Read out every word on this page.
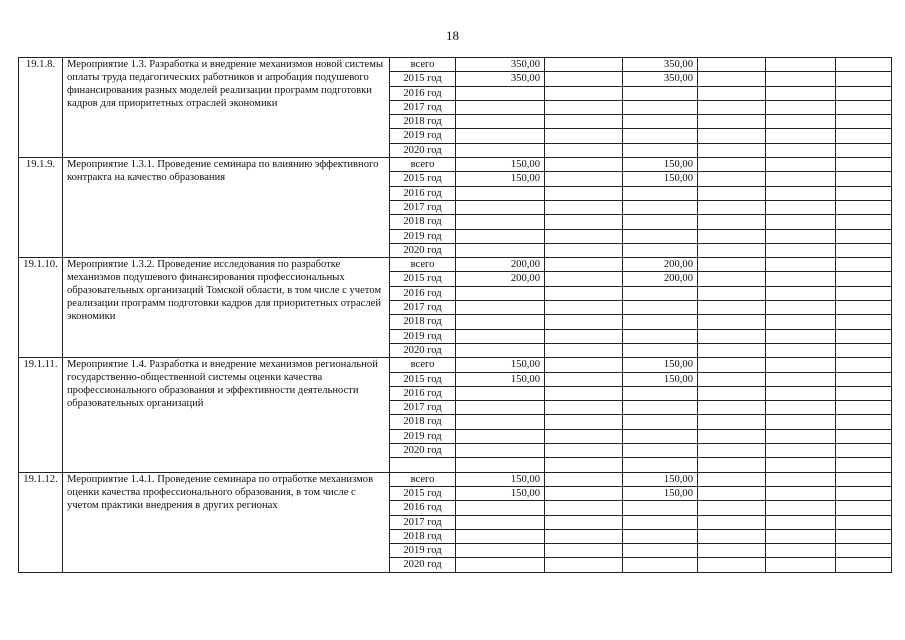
18
19.1.8.	Мероприятие 1.3. Разработка и внедрение механизмов новой системы оплаты труда педагогических работников и апробация подушевого финансирования разных моделей реализации программ подготовки кадров для приоритетных отраслей экономики	всего	350,00		350,00			
		2015 год	350,00		350,00			
		2016 год						
		2017 год						
		2018 год						
		2019 год						
		2020 год						
19.1.9.	Мероприятие 1.3.1. Проведение семинара по влиянию эффективного контракта на качество образования	всего	150,00		150,00			
		2015 год	150,00		150,00			
		2016 год						
		2017 год						
		2018 год						
		2019 год						
		2020 год						
19.1.10.	Мероприятие 1.3.2. Проведение исследования по разработке механизмов подушевого финансирования профессиональных образовательных организаций Томской области, в том числе с учетом реализации программ подготовки кадров для приоритетных отраслей экономики	всего	200,00		200,00			
		2015 год	200,00		200,00			
		2016 год						
		2017 год						
		2018 год						
		2019 год						
		2020 год						
19.1.11.	Мероприятие 1.4. Разработка и внедрение механизмов региональной государственно-общественной системы оценки качества профессионального образования и эффективности деятельности образовательных организаций	всего	150,00		150,00			
		2015 год	150,00		150,00			
		2016 год						
		2017 год						
		2018 год						
		2019 год						
		2020 год						

19.1.12.	Мероприятие 1.4.1. Проведение семинара по отработке механизмов оценки качества профессионального образования, в том числе с учетом практики внедрения в других регионах	всего	150,00		150,00			
		2015 год	150,00		150,00			
		2016 год						
		2017 год						
		2018 год						
		2019 год						
		2020 год						
